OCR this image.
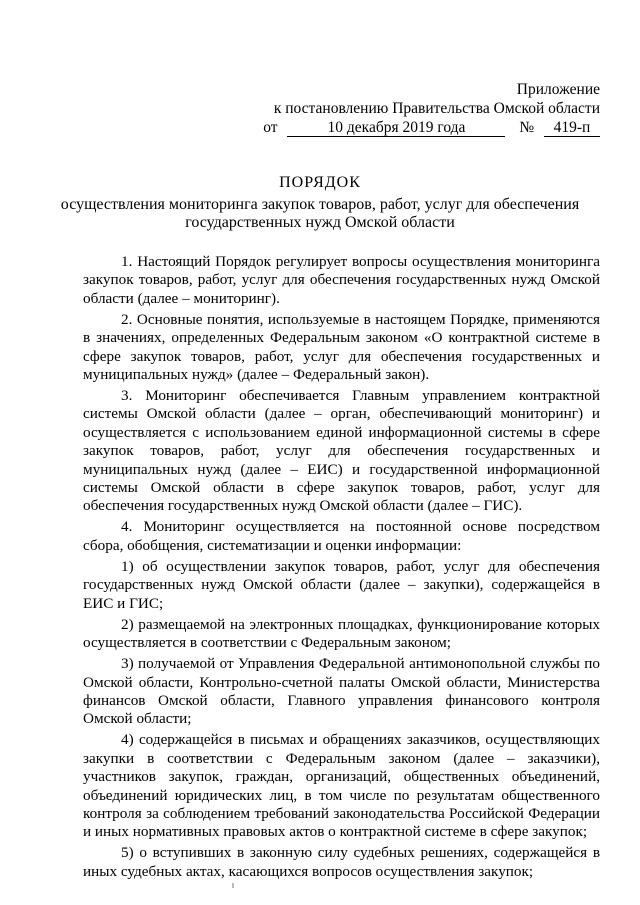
Приложение
к постановлению Правительства Омской области
от	10 декабря 2019 года	№ 419-п
ПОРЯДОК
осуществления мониторинга закупок товаров, работ, услуг для обеспечения государственных нужд Омской области

1. Настоящий Порядок регулирует вопросы осуществления мониторинга закупок товаров, работ, услуг для обеспечения государственных нужд Омской области (далее – мониторинг).

2. Основные понятия, используемые в настоящем Порядке, применяются в значениях, определенных Федеральным законом «О контрактной системе в сфере закупок товаров, работ, услуг для обеспечения государственных и муниципальных нужд» (далее – Федеральный закон).

3. Мониторинг обеспечивается Главным управлением контрактной системы Омской области (далее – орган, обеспечивающий мониторинг) и осуществляется с использованием единой информационной системы в сфере закупок товаров, работ, услуг для обеспечения государственных и муниципальных нужд (далее – ЕИС) и государственной информационной системы Омской области в сфере закупок товаров, работ, услуг для обеспечения государственных нужд Омской области (далее – ГИС).

4. Мониторинг осуществляется на постоянной основе посредством сбора, обобщения, систематизации и оценки информации:

1) об осуществлении закупок товаров, работ, услуг для обеспечения государственных нужд Омской области (далее – закупки), содержащейся в ЕИС и ГИС;

2) размещаемой на электронных площадках, функционирование которых осуществляется в соответствии с Федеральным законом;

3) получаемой от Управления Федеральной антимонопольной службы по Омской области, Контрольно-счетной палаты Омской области, Министерства финансов Омской области, Главного управления финансового контроля Омской области;

4) содержащейся в письмах и обращениях заказчиков, осуществляющих закупки в соответствии с Федеральным законом (далее – заказчики), участников закупок, граждан, организаций, общественных объединений, объединений юридических лиц, в том числе по результатам общественного контроля за соблюдением требований законодательства Российской Федерации и иных нормативных правовых актов о контрактной системе в сфере закупок;

5) о вступивших в законную силу судебных решениях, содержащейся в иных судебных актах, касающихся вопросов осуществления закупок;
